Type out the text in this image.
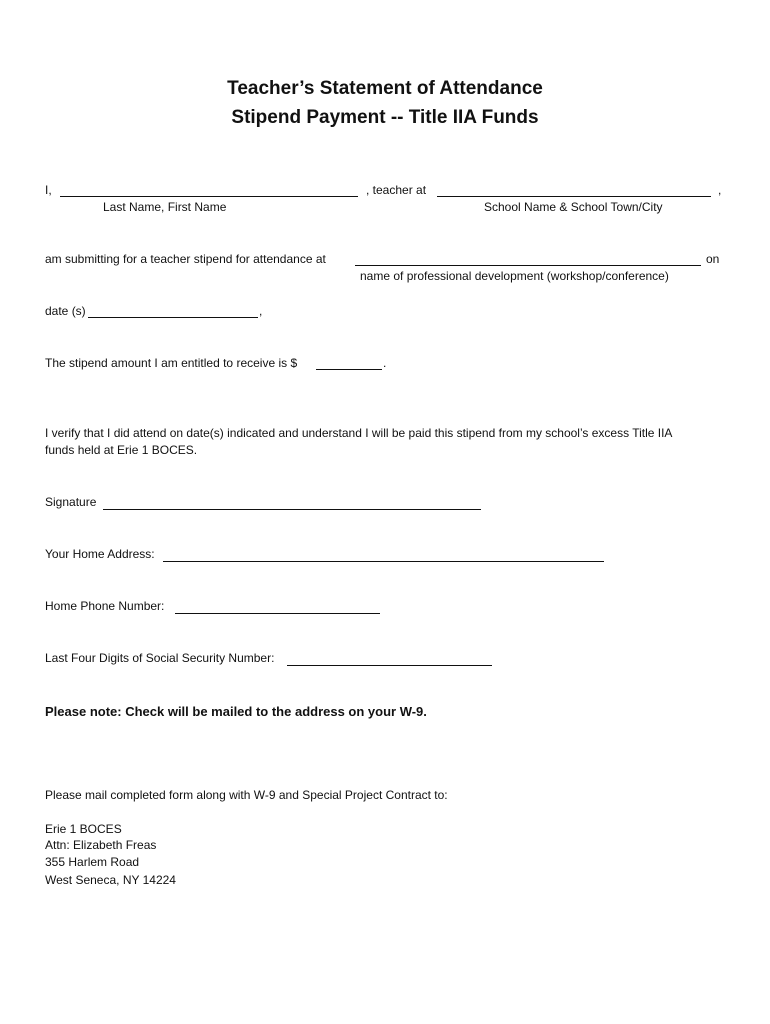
Teacher’s Statement of Attendance
Stipend Payment -- Title IIA Funds
I,	, teacher at	,
Last Name, First Name	School Name & School Town/City
am submitting for a teacher stipend for attendance at	on
name of professional development (workshop/conference)
date (s)	,
The stipend amount I am entitled to receive is $	.
I verify that I did attend on date(s) indicated and understand I will be paid this stipend from my school’s excess Title IIA
funds held at Erie 1 BOCES.
Signature
Your Home Address:
Home Phone Number:
Last Four Digits of Social Security Number:
Please note: Check will be mailed to the address on your W-9.
Please mail completed form along with W-9 and Special Project Contract to:
Erie 1 BOCES
Attn: Elizabeth Freas
355 Harlem Road
West Seneca, NY 14224
